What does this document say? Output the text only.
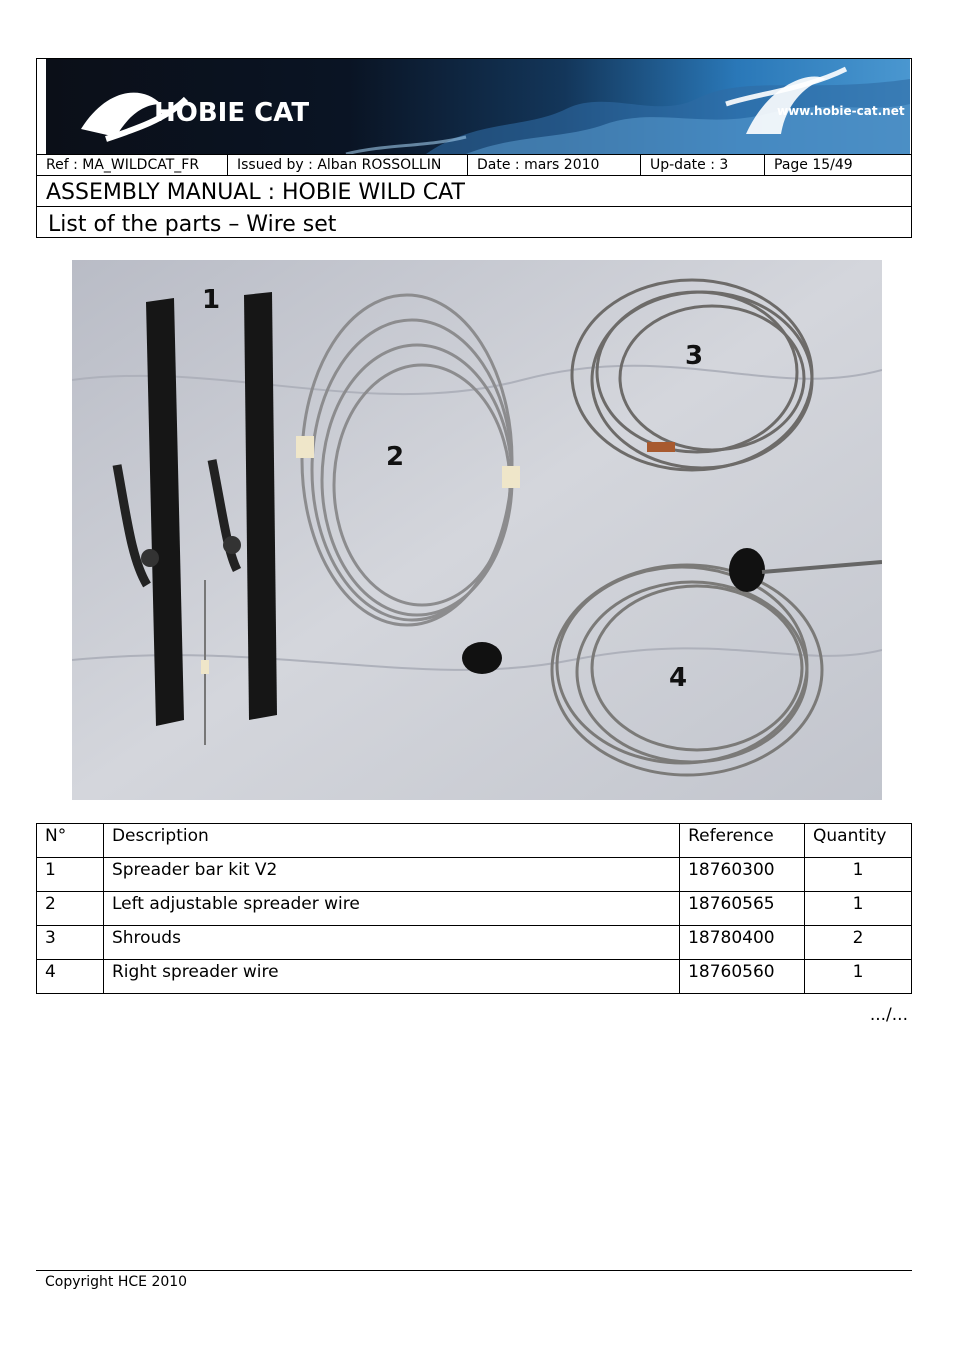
HOBIE CAT	www.hobie-cat.net
Ref : MA_WILDCAT_FR	Issued by : Alban ROSSOLLIN	Date : mars 2010	Up-date : 3	Page 15/49
ASSEMBLY MANUAL : HOBIE WILD CAT
List of the parts – Wire set
1
2
3
4
N°	Description	Reference	Quantity
1	Spreader bar kit V2	18760300	1
2	Left adjustable spreader wire	18760565	1
3	Shrouds	18780400	2
4	Right spreader wire	18760560	1
.../...
Copyright HCE 2010
